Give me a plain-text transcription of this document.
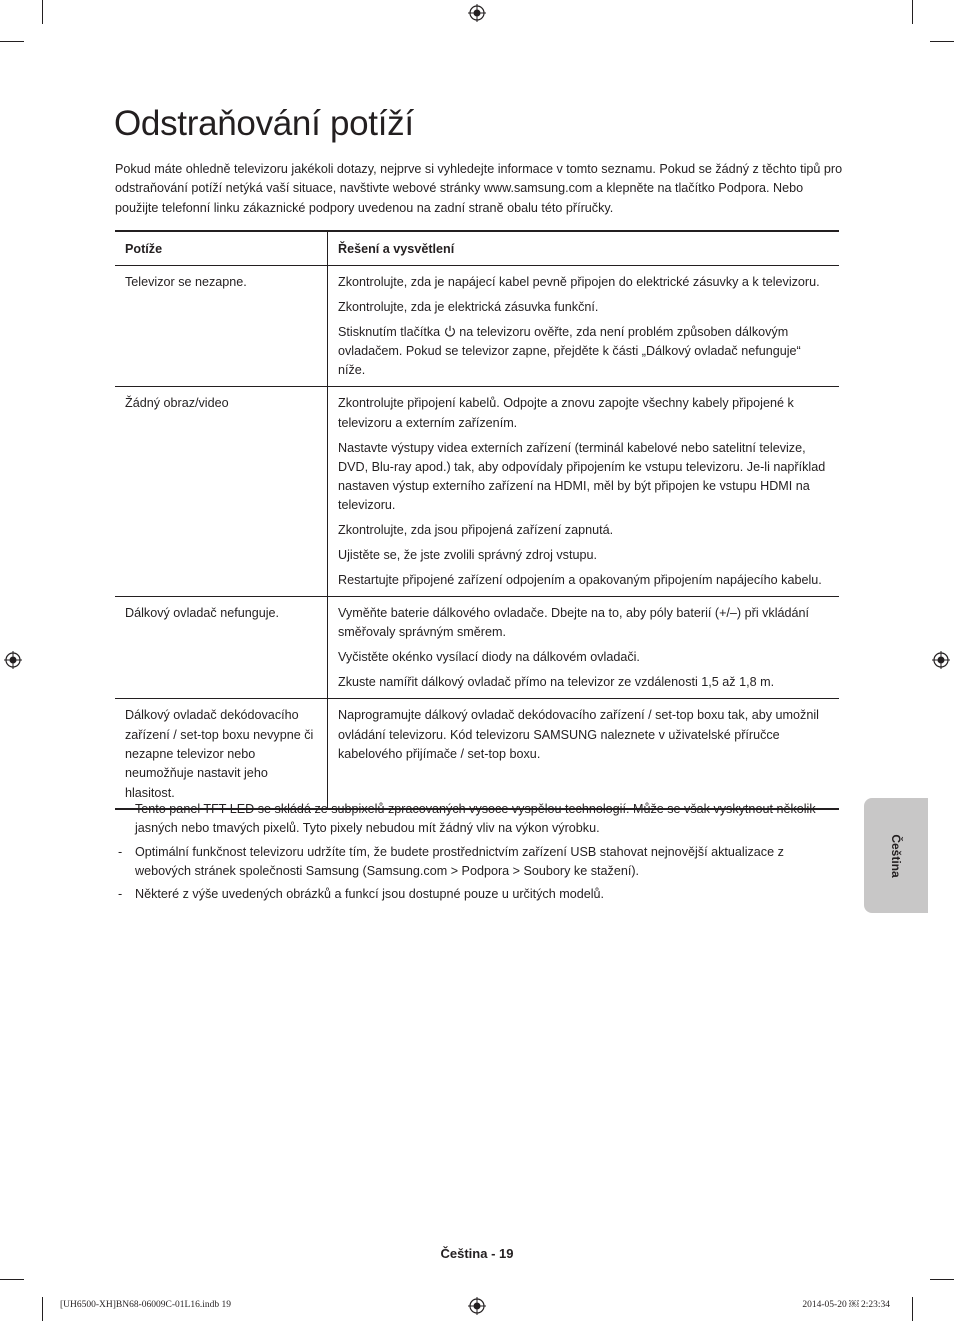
Odstraňování potíží

Pokud máte ohledně televizoru jakékoli dotazy, nejprve si vyhledejte informace v tomto seznamu. Pokud se žádný z těchto tipů pro odstraňování potíží netýká vaší situace, navštivte webové stránky www.samsung.com a klepněte na tlačítko Podpora. Nebo použijte telefonní linku zákaznické podpory uvedenou na zadní straně obalu této příručky.

Potíže	Řešení a vysvětlení
Televizor se nezapne.	Zkontrolujte, zda je napájecí kabel pevně připojen do elektrické zásuvky a k televizoru.

Zkontrolujte, zda je elektrická zásuvka funkční.

Stisknutím tlačítka na televizoru ověřte, zda není problém způsoben dálkovým ovladačem. Pokud se televizor zapne, přejděte k části „Dálkový ovladač nefunguje“ níže.

Žádný obraz/video	Zkontrolujte připojení kabelů. Odpojte a znovu zapojte všechny kabely připojené k televizoru a externím zařízením.

Nastavte výstupy videa externích zařízení (terminál kabelové nebo satelitní televize, DVD, Blu-ray apod.) tak, aby odpovídaly připojením ke vstupu televizoru. Je-li například nastaven výstup externího zařízení na HDMI, měl by být připojen ke vstupu HDMI na televizoru.

Zkontrolujte, zda jsou připojená zařízení zapnutá.

Ujistěte se, že jste zvolili správný zdroj vstupu.

Restartujte připojené zařízení odpojením a opakovaným připojením napájecího kabelu.

Dálkový ovladač nefunguje.	Vyměňte baterie dálkového ovladače. Dbejte na to, aby póly baterií (+/–) při vkládání směřovaly správným směrem.

Vyčistěte okénko vysílací diody na dálkovém ovladači.

Zkuste namířit dálkový ovladač přímo na televizor ze vzdálenosti 1,5 až 1,8 m.

Dálkový ovladač dekódovacího zařízení / set-top boxu nevypne či nezapne televizor nebo neumožňuje nastavit jeho hlasitost.	Naprogramujte dálkový ovladač dekódovacího zařízení / set-top boxu tak, aby umožnil ovládání televizoru. Kód televizoru SAMSUNG naleznete v uživatelské příručce kabelového přijímače / set-top boxu.

- Tento panel TFT LED se skládá ze subpixelů zpracovaných vysoce vyspělou technologií. Může se však vyskytnout několik jasných nebo tmavých pixelů. Tyto pixely nebudou mít žádný vliv na výkon výrobku.
- Optimální funkčnost televizoru udržíte tím, že budete prostřednictvím zařízení USB stahovat nejnovější aktualizace z webových stránek společnosti Samsung (Samsung.com > Podpora > Soubory ke stažení).
- Některé z výše uvedených obrázků a funkcí jsou dostupné pouze u určitých modelů.
Čeština
Čeština - 19
[UH6500-XH]BN68-06009C-01L16.indb 19	2014-05-20 ￼ 2:23:34
